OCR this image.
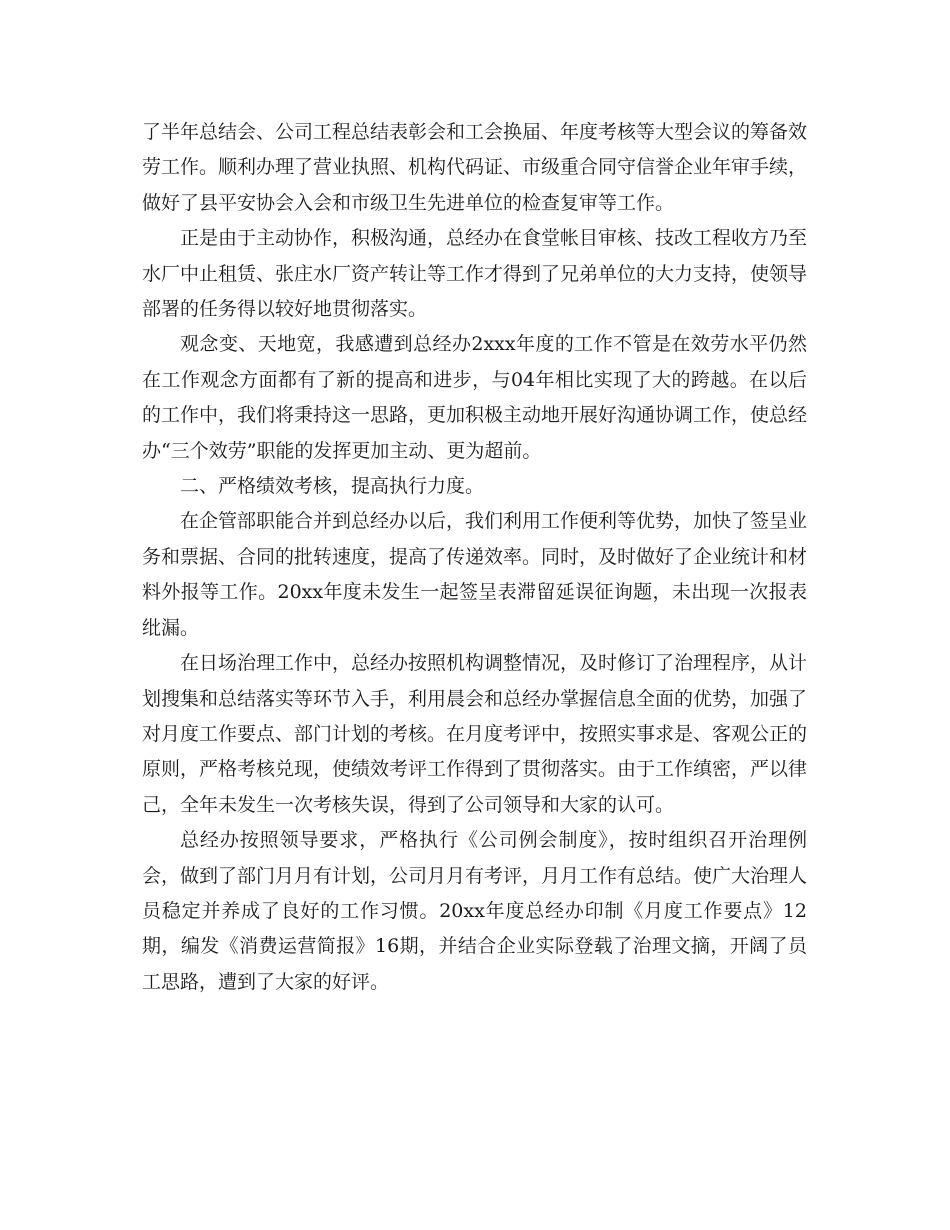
了半年总结会、公司工程总结表彰会和工会换届、年度考核等大型会议的筹备效劳工作。顺利办理了营业执照、机构代码证、市级重合同守信誉企业年审手续，做好了县平安协会入会和市级卫生先进单位的检查复审等工作。

正是由于主动协作，积极沟通，总经办在食堂帐目审核、技改工程收方乃至水厂中止租赁、张庄水厂资产转让等工作才得到了兄弟单位的大力支持，使领导部署的任务得以较好地贯彻落实。

观念变、天地宽，我感遭到总经办2xxx年度的工作不管是在效劳水平仍然在工作观念方面都有了新的提高和进步，与04年相比实现了大的跨越。在以后的工作中，我们将秉持这一思路，更加积极主动地开展好沟通协调工作，使总经办“三个效劳”职能的发挥更加主动、更为超前。

二、严格绩效考核，提高执行力度。

在企管部职能合并到总经办以后，我们利用工作便利等优势，加快了签呈业务和票据、合同的批转速度，提高了传递效率。同时，及时做好了企业统计和材料外报等工作。20xx年度未发生一起签呈表滞留延误征询题，未出现一次报表纰漏。

在日场治理工作中，总经办按照机构调整情况，及时修订了治理程序，从计划搜集和总结落实等环节入手，利用晨会和总经办掌握信息全面的优势，加强了对月度工作要点、部门计划的考核。在月度考评中，按照实事求是、客观公正的原则，严格考核兑现，使绩效考评工作得到了贯彻落实。由于工作缜密，严以律己，全年未发生一次考核失误，得到了公司领导和大家的认可。

总经办按照领导要求，严格执行《公司例会制度》，按时组织召开治理例会，做到了部门月月有计划，公司月月有考评，月月工作有总结。使广大治理人员稳定并养成了良好的工作习惯。20xx年度总经办印制《月度工作要点》12期，编发《消费运营简报》16期，并结合企业实际登载了治理文摘，开阔了员工思路，遭到了大家的好评。
